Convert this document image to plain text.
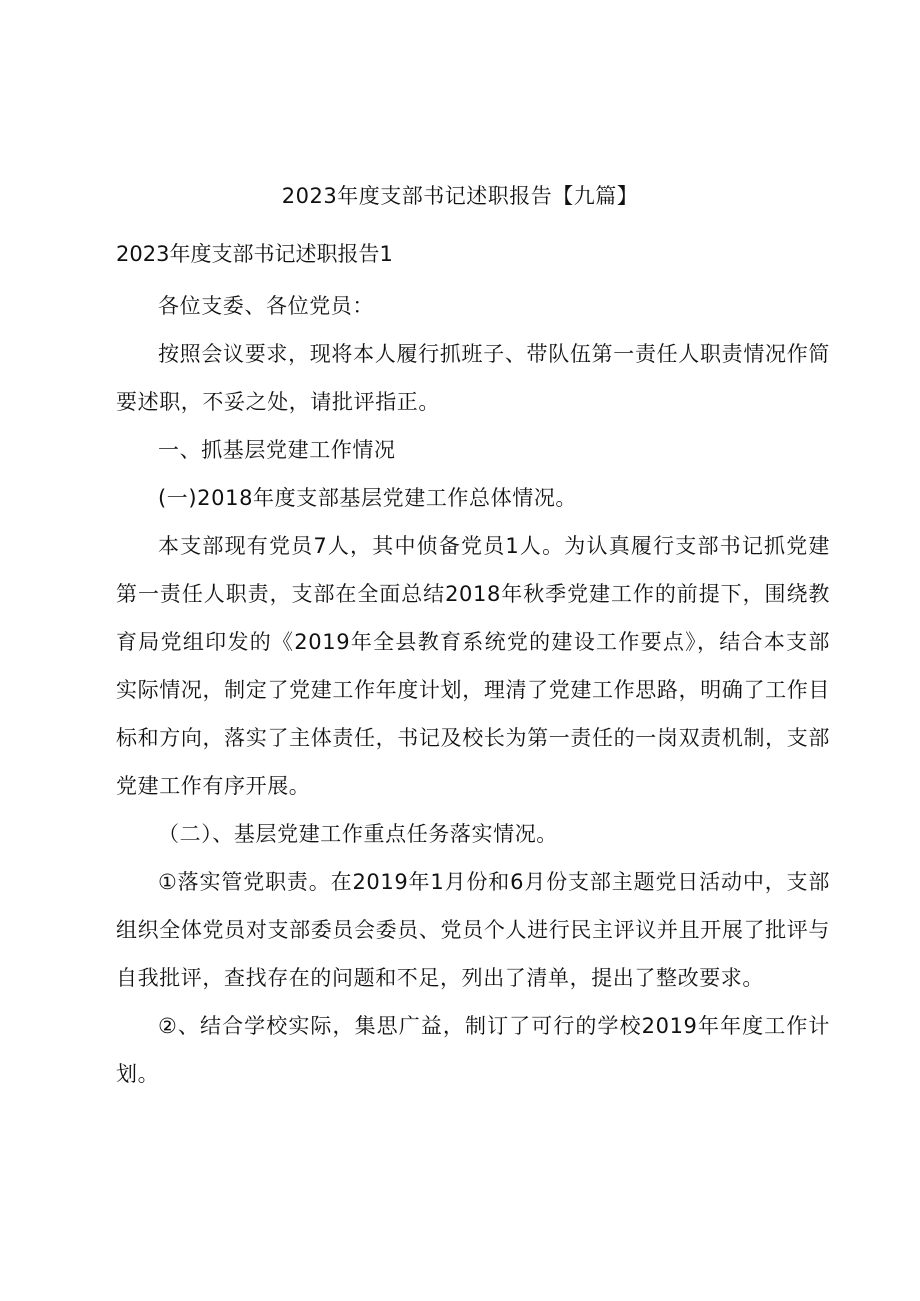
2023年度支部书记述职报告【九篇】
2023年度支部书记述职报告1

各位支委、各位党员：

按照会议要求，现将本人履行抓班子、带队伍第一责任人职责情况作简要述职，不妥之处，请批评指正。

一、抓基层党建工作情况

(一)2018年度支部基层党建工作总体情况。

本支部现有党员7人，其中侦备党员1人。为认真履行支部书记抓党建第一责任人职责，支部在全面总结2018年秋季党建工作的前提下，围绕教育局党组印发的《2019年全县教育系统党的建设工作要点》，结合本支部实际情况，制定了党建工作年度计划，理清了党建工作思路，明确了工作目标和方向，落实了主体责任，书记及校长为第一责任的一岗双责机制，支部党建工作有序开展。

（二）、基层党建工作重点任务落实情况。

①落实管党职责。在2019年1月份和6月份支部主题党日活动中，支部组织全体党员对支部委员会委员、党员个人进行民主评议并且开展了批评与自我批评，查找存在的问题和不足，列出了清单，提出了整改要求。

②、结合学校实际，集思广益，制订了可行的学校2019年年度工作计划。
